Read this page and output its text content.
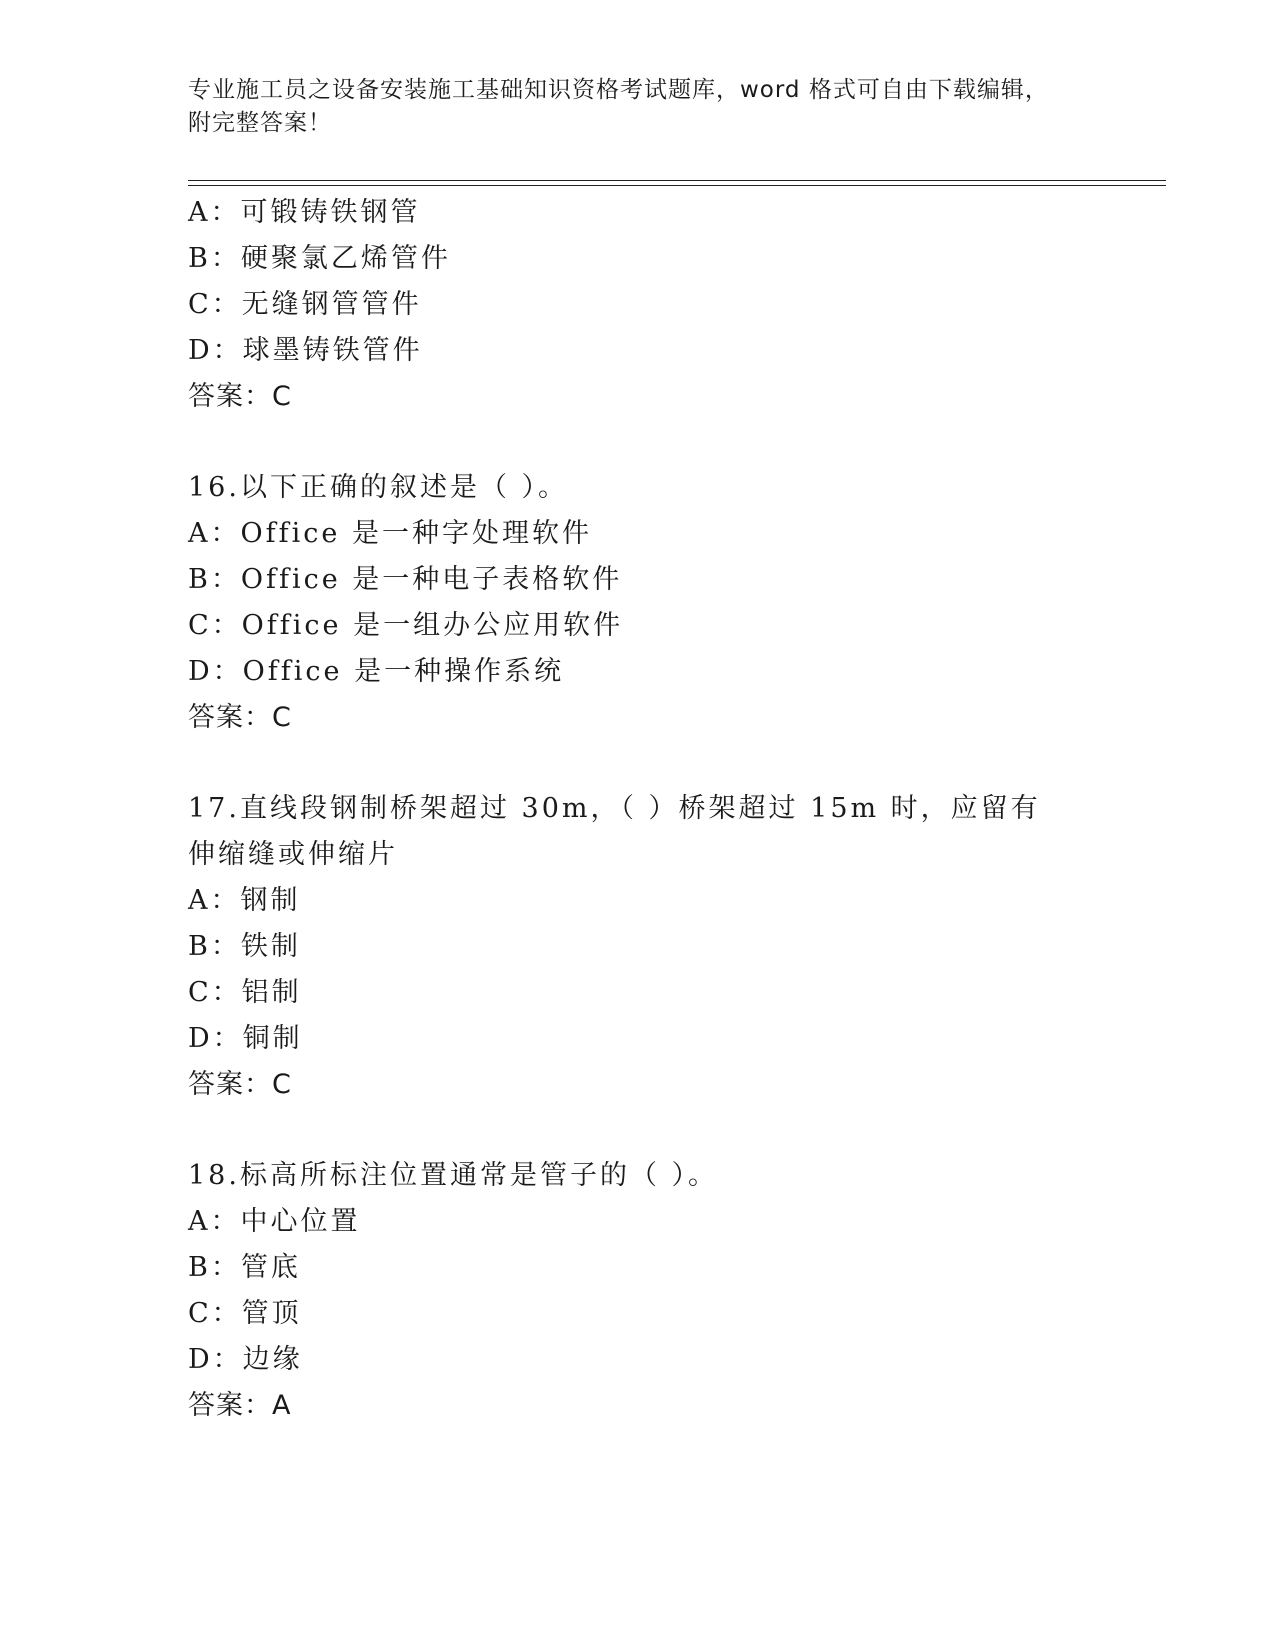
专业施工员之设备安装施工基础知识资格考试题库，word 格式可自由下载编辑，
附完整答案！
A：可锻铸铁钢管
B：硬聚氯乙烯管件
C：无缝钢管管件
D：球墨铸铁管件
答案：C
16.以下正确的叙述是（ ）。
A：Office 是一种字处理软件
B：Office 是一种电子表格软件
C：Office 是一组办公应用软件
D：Office 是一种操作系统
答案：C
17.直线段钢制桥架超过 30m，（ ）桥架超过 15m 时，应留有伸缩缝或伸缩片
A：钢制
B：铁制
C：铝制
D：铜制
答案：C
18.标高所标注位置通常是管子的（ ）。
A：中心位置
B：管底
C：管顶
D：边缘
答案：A
